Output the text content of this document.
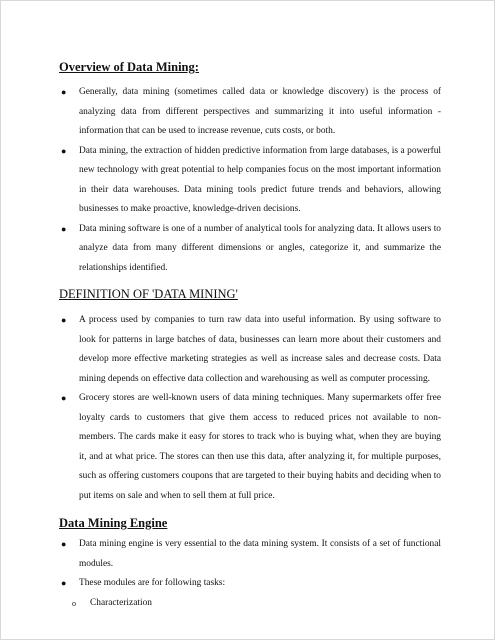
Overview of Data Mining:
● Generally, data mining (sometimes called data or knowledge discovery) is the process of analyzing data from different perspectives and summarizing it into useful information - information that can be used to increase revenue, cuts costs, or both.
● Data mining, the extraction of hidden predictive information from large databases, is a powerful new technology with great potential to help companies focus on the most important information in their data warehouses. Data mining tools predict future trends and behaviors, allowing businesses to make proactive, knowledge-driven decisions.
● Data mining software is one of a number of analytical tools for analyzing data. It allows users to analyze data from many different dimensions or angles, categorize it, and summarize the relationships identified.
DEFINITION OF 'DATA MINING'
● A process used by companies to turn raw data into useful information. By using software to look for patterns in large batches of data, businesses can learn more about their customers and develop more effective marketing strategies as well as increase sales and decrease costs. Data mining depends on effective data collection and warehousing as well as computer processing.
● Grocery stores are well-known users of data mining techniques. Many supermarkets offer free loyalty cards to customers that give them access to reduced prices not available to non-members. The cards make it easy for stores to track who is buying what, when they are buying it, and at what price. The stores can then use this data, after analyzing it, for multiple purposes, such as offering customers coupons that are targeted to their buying habits and deciding when to put items on sale and when to sell them at full price.
Data Mining Engine
● Data mining engine is very essential to the data mining system. It consists of a set of functional modules.
● These modules are for following tasks:
o Characterization
